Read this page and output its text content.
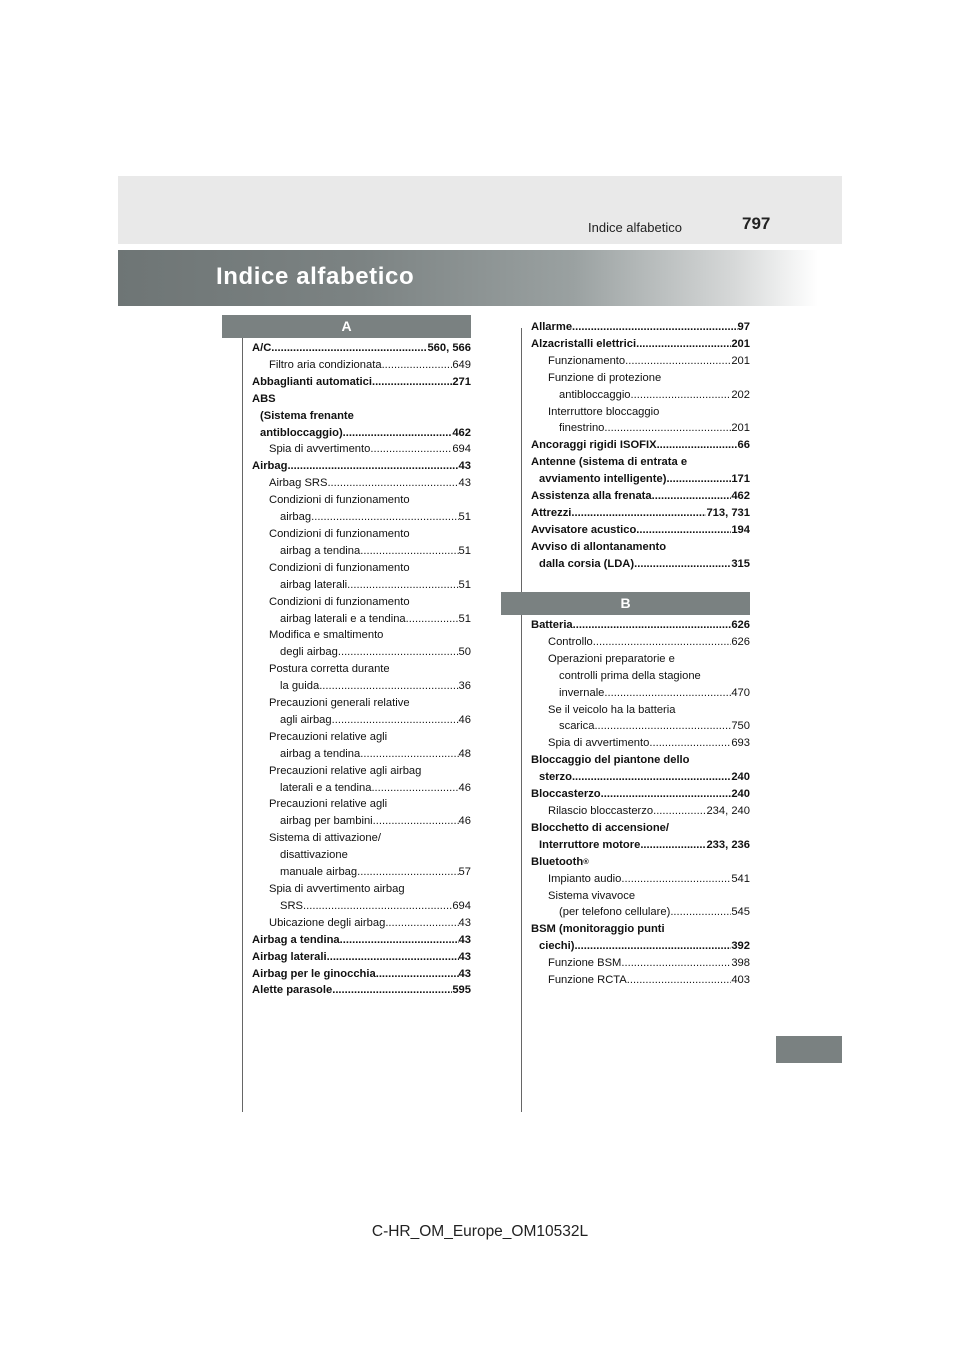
Indice alfabetico	797
Indice alfabetico
A
B
A/C .....	560, 566
Filtro aria condizionata .....	649
Abbaglianti automatici .....	271
ABS
(Sistema frenante
antibloccaggio) .....	462
Spia di avvertimento .....	694
Airbag .....	43
Airbag SRS .....	43
Condizioni di funzionamento
airbag .....	51
Condizioni di funzionamento
airbag a tendina .....	51
Condizioni di funzionamento
airbag laterali .....	51
Condizioni di funzionamento
airbag laterali e a tendina .....	51
Modifica e smaltimento
degli airbag .....	50
Postura corretta durante
la guida .....	36
Precauzioni generali relative
agli airbag .....	46
Precauzioni relative agli
airbag a tendina .....	48
Precauzioni relative agli airbag
laterali e a tendina .....	46
Precauzioni relative agli
airbag per bambini .....	46
Sistema di attivazione/
disattivazione
manuale airbag .....	57
Spia di avvertimento airbag
SRS .....	694
Ubicazione degli airbag .....	43
Airbag a tendina .....	43
Airbag laterali .....	43
Airbag per le ginocchia .....	43
Alette parasole .....	595
Allarme .....	97
Alzacristalli elettrici .....	201
Funzionamento .....	201
Funzione di protezione
antibloccaggio .....	202
Interruttore bloccaggio
finestrino .....	201
Ancoraggi rigidi ISOFIX .....	66
Antenne (sistema di entrata e
avviamento intelligente) .....	171
Assistenza alla frenata .....	462
Attrezzi .....	713, 731
Avvisatore acustico .....	194
Avviso di allontanamento
dalla corsia (LDA) .....	315
Batteria .....	626
Controllo .....	626
Operazioni preparatorie e
controlli prima della stagione
invernale .....	470
Se il veicolo ha la batteria
scarica .....	750
Spia di avvertimento .....	693
Bloccaggio del piantone dello
sterzo .....	240
Bloccasterzo .....	240
Rilascio bloccasterzo .....	234, 240
Blocchetto di accensione/
Interruttore motore .....	233, 236
Bluetooth ®
Impianto audio .....	541
Sistema vivavoce
(per telefono cellulare) .....	545
BSM (monitoraggio punti
ciechi) .....	392
Funzione BSM .....	398
Funzione RCTA .....	403
C-HR_OM_Europe_OM10532L
